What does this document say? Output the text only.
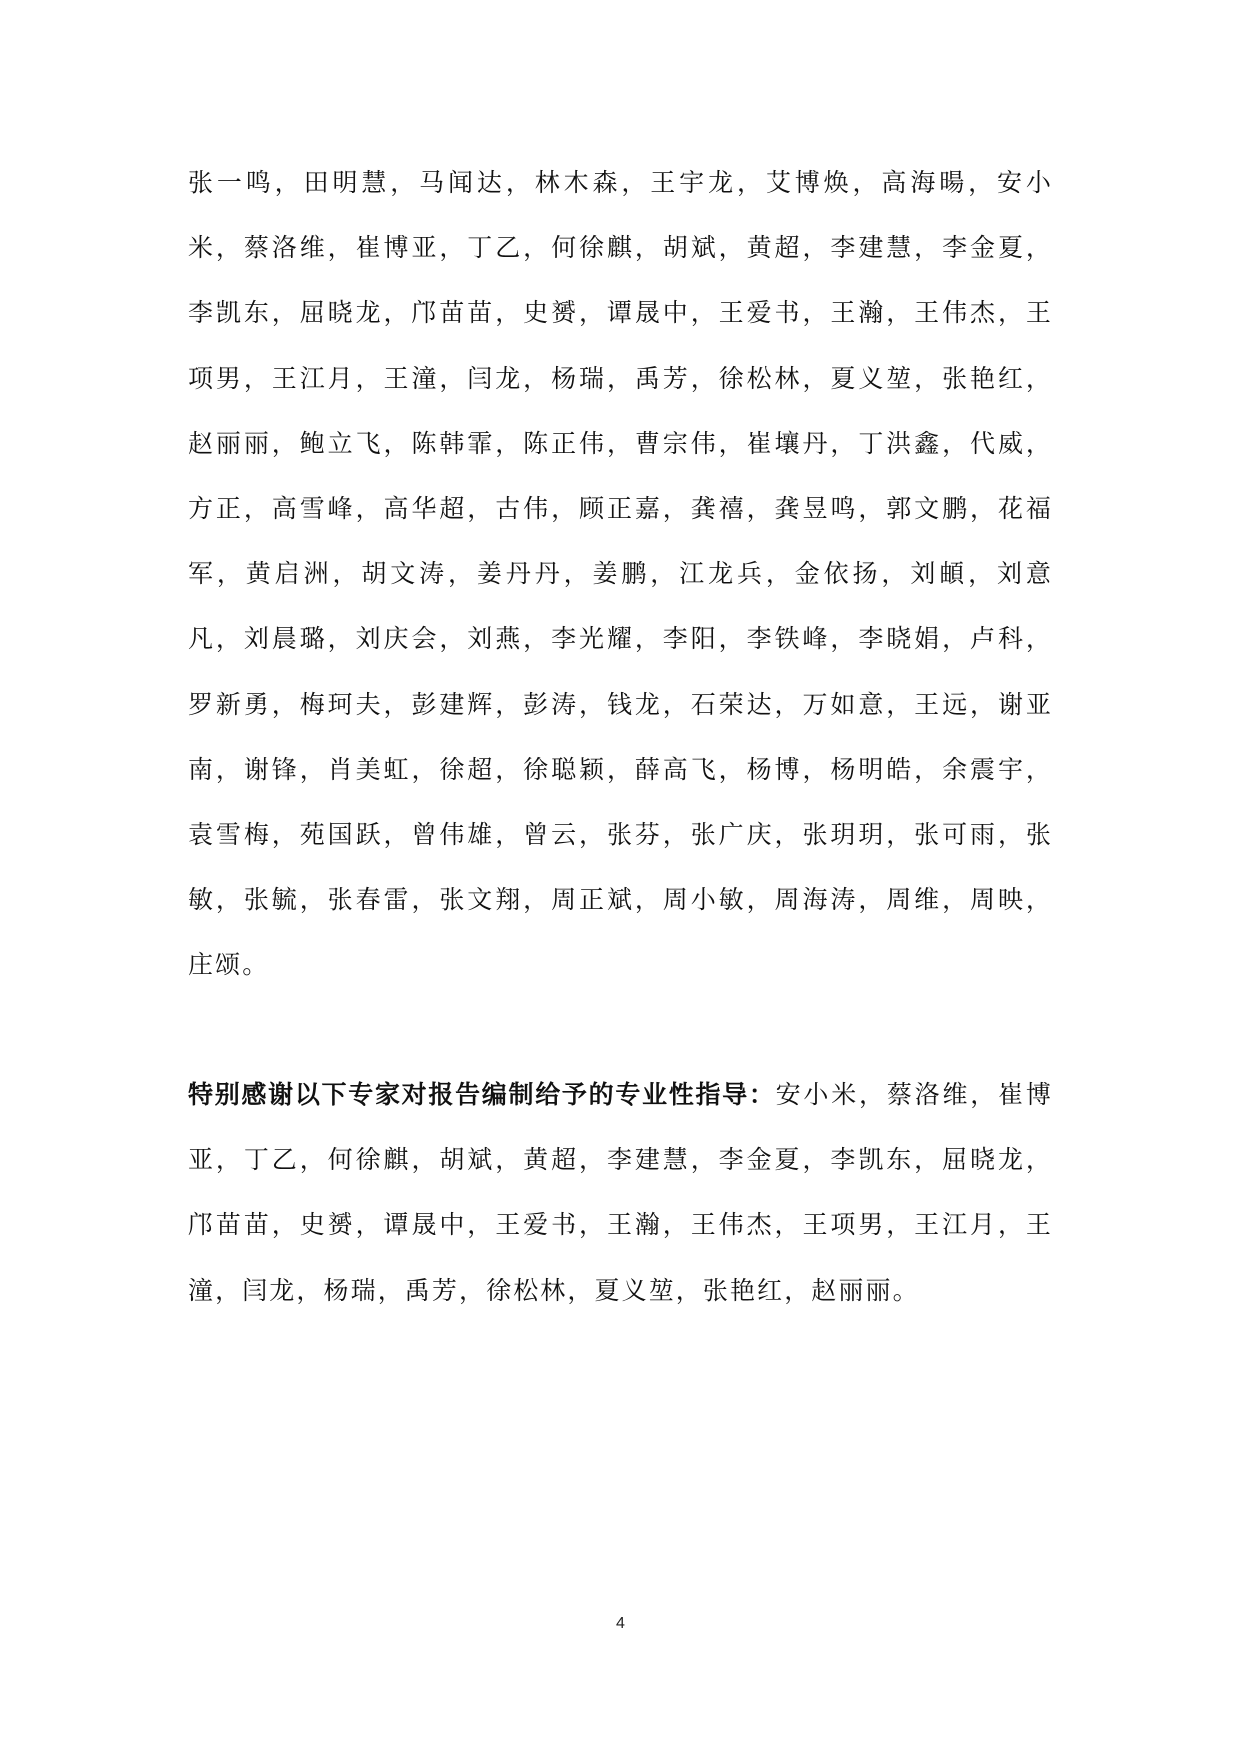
张一鸣，田明慧，马闻达，林木森，王宇龙，艾博焕，高海暘，安小米，蔡洛维，崔博亚，丁乙，何徐麒，胡斌，黄超，李建慧，李金夏，李凯东，屈晓龙，邝苗苗，史赟，谭晟中，王爱书，王瀚，王伟杰，王项男，王江月，王潼，闫龙，杨瑞，禹芳，徐松林，夏义堃，张艳红，赵丽丽，鲍立飞，陈韩霏，陈正伟，曹宗伟，崔壤丹，丁洪鑫，代威，方正，高雪峰，高华超，古伟，顾正嘉，龚禧，龚昱鸣，郭文鹏，花福军，黄启洲，胡文涛，姜丹丹，姜鹏，江龙兵，金依扬，刘頔，刘意凡，刘晨璐，刘庆会，刘燕，李光耀，李阳，李铁峰，李晓娟，卢科，罗新勇，梅珂夫，彭建辉，彭涛，钱龙，石荣达，万如意，王远，谢亚南，谢锋，肖美虹，徐超，徐聪颖，薛高飞，杨博，杨明皓，余震宇，袁雪梅，苑国跃，曾伟雄，曾云，张芬，张广庆，张玥玥，张可雨，张敏，张毓，张春雷，张文翔，周正斌，周小敏，周海涛，周维，周映，庄颂。

特别感谢以下专家对报告编制给予的专业性指导：安小米，蔡洛维，崔博亚，丁乙，何徐麒，胡斌，黄超，李建慧，李金夏，李凯东，屈晓龙，邝苗苗，史赟，谭晟中，王爱书，王瀚，王伟杰，王项男，王江月，王潼，闫龙，杨瑞，禹芳，徐松林，夏义堃，张艳红，赵丽丽。

4
